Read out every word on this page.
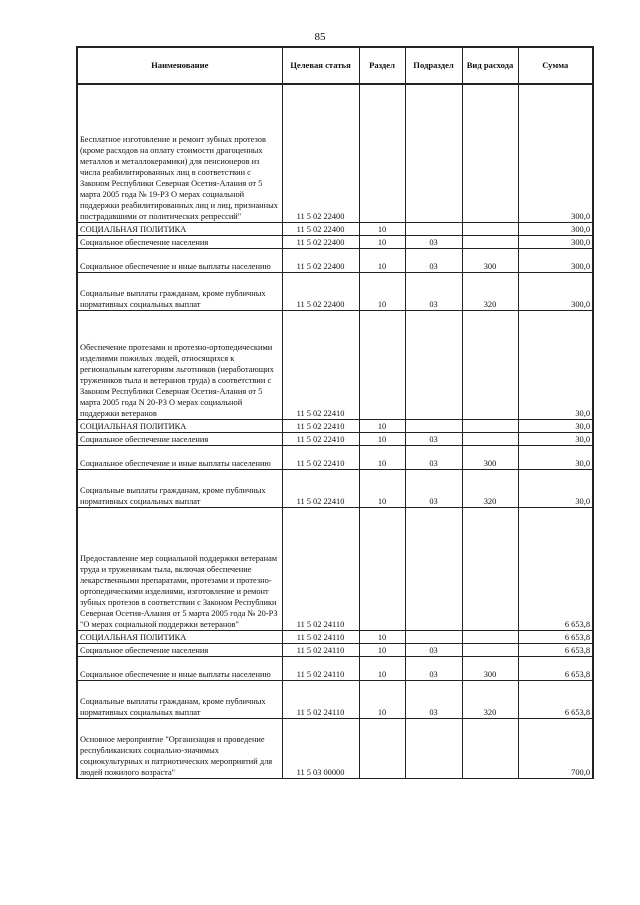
85
Наименование	Целевая статья	Раздел	Подраздел	Вид расхода	Сумма
Бесплатное изготовление и ремонт зубных протезов (кроме расходов на оплату стоимости драгоценных металлов и металлокерамики) для пенсионеров из числа реабилитированных лиц в соответствии с Законом Республики Северная Осетия-Алания от 5 марта 2005 года № 19-РЗ О мерах социальной поддержки реабилитированных лиц и лиц, признанных пострадавшими от политических репрессий"	11 5 02 22400				300,0
СОЦИАЛЬНАЯ ПОЛИТИКА	11 5 02 22400	10			300,0
Социальное обеспечение населения	11 5 02 22400	10	03		300,0
Социальное обеспечение и иные выплаты населению	11 5 02 22400	10	03	300	300,0
Социальные выплаты гражданам, кроме публичных нормативных социальных выплат	11 5 02 22400	10	03	320	300,0
Обеспечение протезами и протезно-ортопедическими изделиями пожилых людей, относящихся к региональным категориям льготников (неработающих тружеников тыла и ветеранов труда) в соответствии с Законом Республики Северная Осетия-Алания от 5 марта 2005 года N 20-РЗ О мерах социальной поддержки ветеранов	11 5 02 22410				30,0
СОЦИАЛЬНАЯ ПОЛИТИКА	11 5 02 22410	10			30,0
Социальное обеспечение населения	11 5 02 22410	10	03		30,0
Социальное обеспечение и иные выплаты населению	11 5 02 22410	10	03	300	30,0
Социальные выплаты гражданам, кроме публичных нормативных социальных выплат	11 5 02 22410	10	03	320	30,0
Предоставление мер социальной поддержки ветеранам труда и труженикам тыла, включая обеспечение лекарственными препаратами, протезами и протезно-ортопедическими изделиями, изготовление и ремонт зубных протезов в соответствии с Законом Республики Северная Осетия-Алания от 5 марта 2005 года № 20-РЗ "О мерах социальной поддержки ветеранов"	11 5 02 24110				6 653,8
СОЦИАЛЬНАЯ ПОЛИТИКА	11 5 02 24110	10			6 653,8
Социальное обеспечение населения	11 5 02 24110	10	03		6 653,8
Социальное обеспечение и иные выплаты населению	11 5 02 24110	10	03	300	6 653,8
Социальные выплаты гражданам, кроме публичных нормативных социальных выплат	11 5 02 24110	10	03	320	6 653,8
Основное мероприятие "Организация и проведение республиканских социально-значимых социокультурных и патриотических мероприятий для людей пожилого возраста"	11 5 03 00000				700,0
